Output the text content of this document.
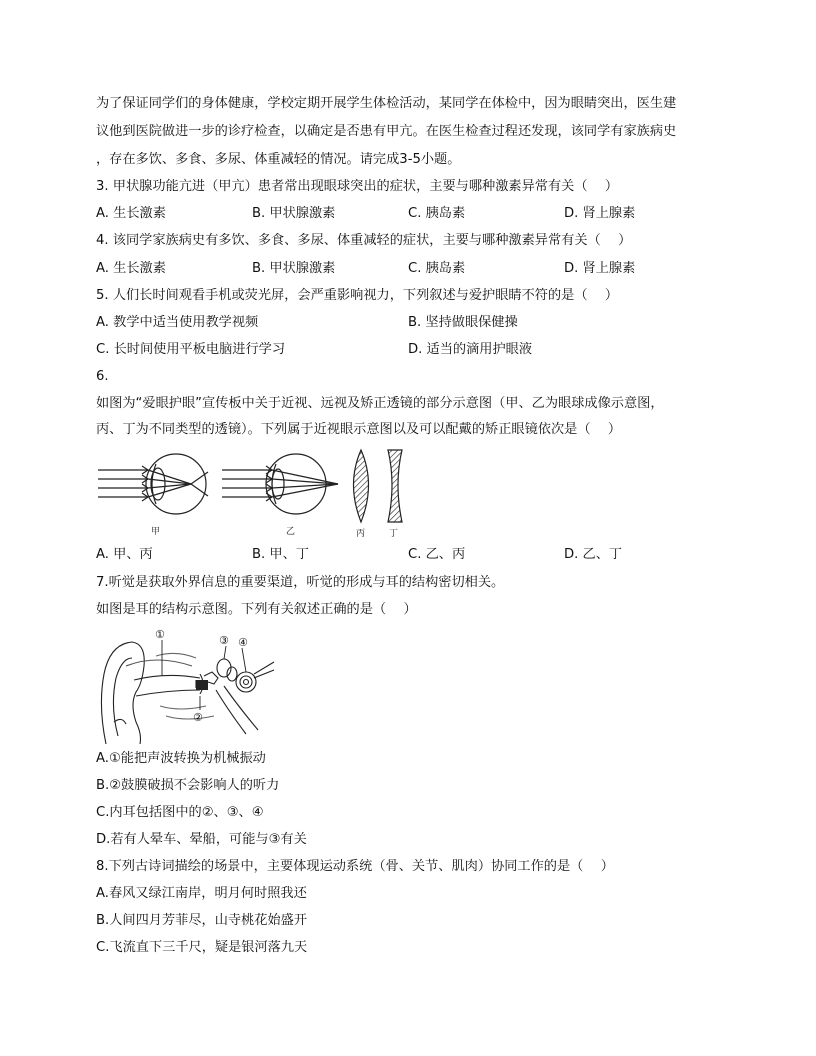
为了保证同学们的身体健康，学校定期开展学生体检活动，某同学在体检中，因为眼睛突出，医生建
议他到医院做进一步的诊疗检查，以确定是否患有甲亢。在医生检查过程还发现，该同学有家族病史
，存在多饮、多食、多尿、体重减轻的情况。请完成3-5小题。
3. 甲状腺功能亢进（甲亢）患者常出现眼球突出的症状，主要与哪种激素异常有关（　 ）
A. 生长激素	B. 甲状腺激素	C. 胰岛素	D. 肾上腺素
4. 该同学家族病史有多饮、多食、多尿、体重减轻的症状，主要与哪种激素异常有关（　 ）
A. 生长激素	B. 甲状腺激素	C. 胰岛素	D. 肾上腺素
5. 人们长时间观看手机或荧光屏，会严重影响视力，下列叙述与爱护眼睛不符的是（　 ）
A. 教学中适当使用教学视频	B. 坚持做眼保健操
C. 长时间使用平板电脑进行学习	D. 适当的滴用护眼液
6.
如图为“爱眼护眼”宣传板中关于近视、远视及矫正透镜的部分示意图（甲、乙为眼球成像示意图，
丙、丁为不同类型的透镜）。下列属于近视眼示意图以及可以配戴的矫正眼镜依次是（　 ）
甲	乙	丙	丁
A. 甲、丙	B. 甲、丁	C. 乙、丙	D. 乙、丁
7.听觉是获取外界信息的重要渠道，听觉的形成与耳的结构密切相关。
如图是耳的结构示意图。下列有关叙述正确的是（　 ）
①
②
③ ④
A.①能把声波转换为机械振动
B.②鼓膜破损不会影响人的听力
C.内耳包括图中的②、③、④
D.若有人晕车、晕船，可能与③有关
8.下列古诗词描绘的场景中，主要体现运动系统（骨、关节、肌肉）协同工作的是（　 ）
A.春风又绿江南岸，明月何时照我还
B.人间四月芳菲尽，山寺桃花始盛开
C.飞流直下三千尺，疑是银河落九天
